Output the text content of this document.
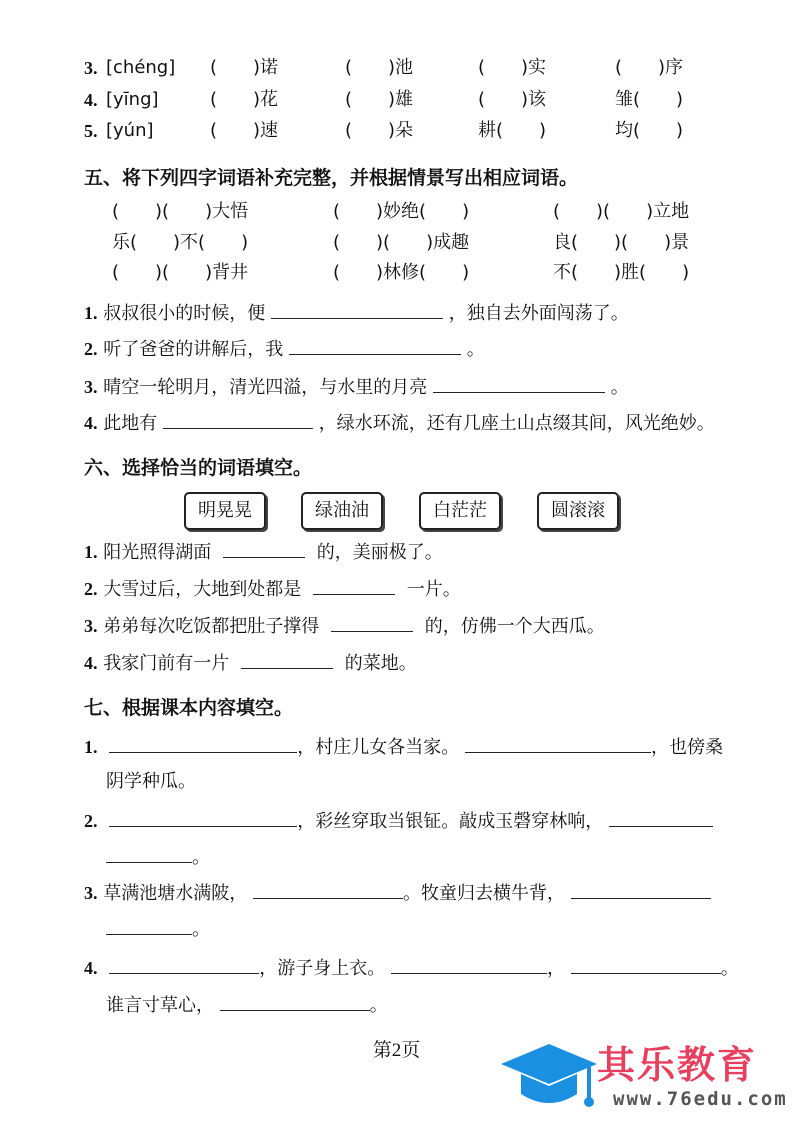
3. [chéng] (　　)诺	(　　)池	(　　)实	(　　)序
4. [yīng]	(　　)花	(　　)雄	(　　)该	雏(　　)
5. [yún]	(　　)速	(　　)朵	耕(　　)	均(　　)
五、将下列四字词语补充完整，并根据情景写出相应词语。
(　　)(　　)大悟	(　　)妙绝(　　)	(　　)(　　)立地
乐(　　)不(　　)	(　　)(　　)成趣	良(　　)(　　)景
(　　)(　　)背井	(　　)林修(　　)	不(　　)胜(　　)
1. 叔叔很小的时候，便	，独自去外面闯荡了。
2. 听了爸爸的讲解后，我	。
3. 晴空一轮明月，清光四溢，与水里的月亮	。
4. 此地有	，绿水环流，还有几座土山点缀其间，风光绝妙。
六、选择恰当的词语填空。
明晃晃	绿油油	白茫茫	圆滚滚
1. 阳光照得湖面	的，美丽极了。
2. 大雪过后，大地到处都是	一片。
3. 弟弟每次吃饭都把肚子撑得	的，仿佛一个大西瓜。
4. 我家门前有一片	的菜地。
七、根据课本内容填空。
1.	，村庄儿女各当家。	，也傍桑
阴学种瓜。
2.	，彩丝穿取当银钲。敲成玉磬穿林响，
。
3. 草满池塘水满陂，	。牧童归去横牛背，
。
4.	，游子身上衣。	，	。
谁言寸草心，	。
第2页	其乐教育
www.76edu.com
